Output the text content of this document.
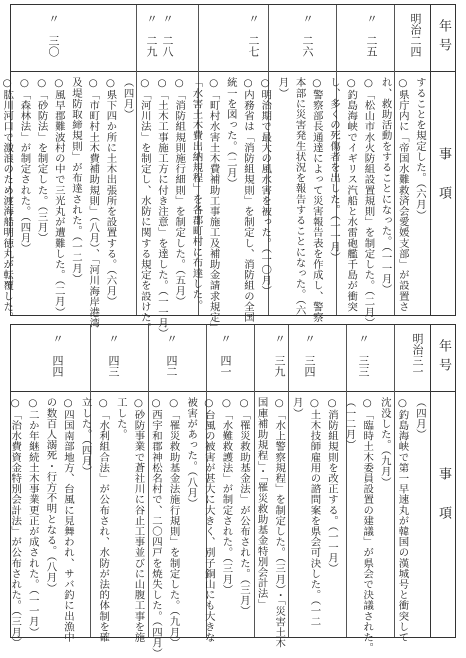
年号
事項
明治二四
〃　二五
〃　二六
〃　二七
〃　二八
〃　二九
〃　三〇
することを規定した。（六月）
○県庁内に「帝国水難救済会愛媛支部」が設置さ
れ、救助活動をすることになった。（一一月）
○「松山市水火防組設置規則」を制定した。（二月）
○釣島海峡でイギリス汽船と水雷砲艦千島が衝突
し、多くの死傷者を出した。（一一月）
○警察部長通達によって災害報告表を作成し、警察
本部に災害発生状況を報告することになった。（六
月）
○明治期で最大の風水害を被った。（一〇月）
○内務省は「消防組規則」を制定し、消防組の全国
統一を図った。（二月）
○「町村水害土木費補助工事施工及補助金請求規定」
「水害土木費出納規程」を各郡町村に布達した。
○「消防組規則施行細則」を制定した。（五月）
○「土木工事施工方に付き注意」を達した。（一一月）
○「河川法」を制定し、水防に関する規定を設けた。
（四月）
○県下四か所に土木出張所を設置する。（六月）
○「市町村土木費補助規則」（八月）、「河川海岸港湾
及堤防取締規則」が布達された。（一二月）
○風早郡難波村の中で三光丸が遭難した。（二月）
○「砂防法」を制定した。（三月）
○「森林法」が制定された。（四月）
○肱川河口で激浪のため渡海船明徳丸が転覆した。
年号
事項
明治三一
〃　三三
〃　三四
〃　三九
〃　四一
〃　四二
〃　四三
〃　四四
（四月）
○釣島海峡で第一早速丸が韓国の漢城号と衝突して
沈没した。（九月）
○「臨時土木委員設置の建議」が県会で決議された。
（一二月）
○消防組規則を改正する。（一一月）
○土木技師雇用の諮問案を県会可決した。（一二
月）
○「水上警察規程」を制定した。（三月）・「災害土木
国庫補助規程」・「罹災救助基金特別会計法」
○「罹災救助基金法」が公布された。（三月）
○「水難救護法」が制定された。（三月）
○台風の被害が甚大に大きく、別子銅山にも大きな
被害があった。（八月）
○「罹災救助基金法施行規則」を制定した。（九月）
○西宇和郡神松名村で、二〇四戸を焼失した。（四月）
○砂防事業で蒼社川に谷止工事並びに山腹工事を施
工した。
○「水利組合法」が公布され、水防が法的体制を確
立した。（四月）
○四国南部地方、台風に見舞われ、サバ釣に出漁中
の数百人溺死・行方不明となる。（八月）
○二か年継続土木事業更正が成された。（一一月）
○「治水費資金特別会計法」が公布された。（三月）
